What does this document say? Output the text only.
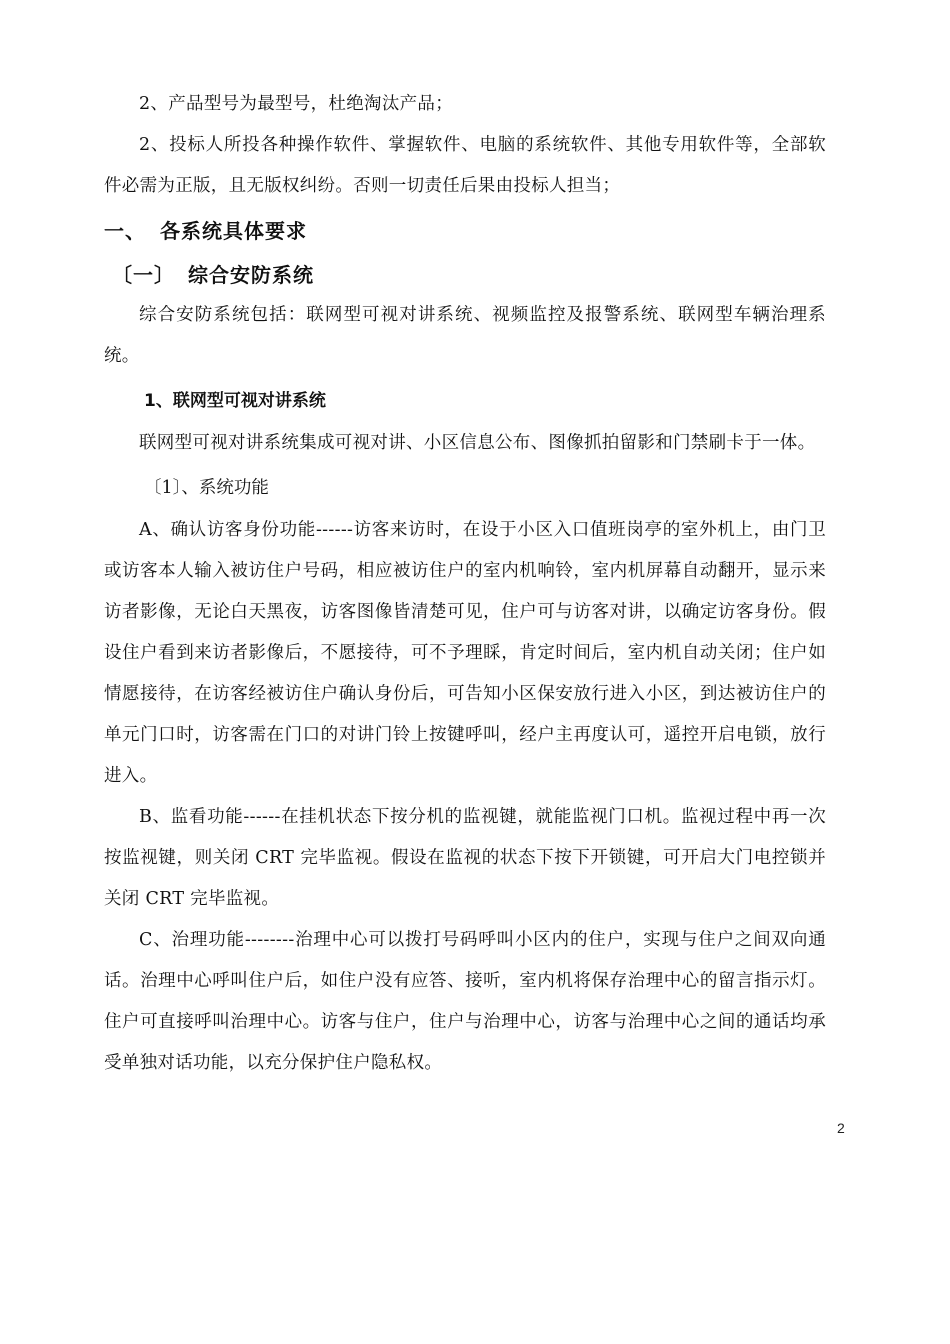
2、产品型号为最型号，杜绝淘汰产品；

2、投标人所投各种操作软件、掌握软件、电脑的系统软件、其他专用软件等，全部软件必需为正版，且无版权纠纷。否则一切责任后果由投标人担当；

一、 各系统具体要求
〔一〕 综合安防系统

综合安防系统包括：联网型可视对讲系统、视频监控及报警系统、联网型车辆治理系统。

1、联网型可视对讲系统

联网型可视对讲系统集成可视对讲、小区信息公布、图像抓拍留影和门禁刷卡于一体。

〔1〕、系统功能

A、确认访客身份功能------访客来访时，在设于小区入口值班岗亭的室外机上，由门卫或访客本人输入被访住户号码，相应被访住户的室内机响铃，室内机屏幕自动翻开，显示来访者影像，无论白天黑夜，访客图像皆清楚可见，住户可与访客对讲，以确定访客身份。假设住户看到来访者影像后，不愿接待，可不予理睬，肯定时间后，室内机自动关闭；住户如情愿接待，在访客经被访住户确认身份后，可告知小区保安放行进入小区，到达被访住户的单元门口时，访客需在门口的对讲门铃上按键呼叫，经户主再度认可，遥控开启电锁，放行进入。

B、监看功能------在挂机状态下按分机的监视键，就能监视门口机。监视过程中再一次按监视键，则关闭 CRT 完毕监视。假设在监视的状态下按下开锁键，可开启大门电控锁并关闭 CRT 完毕监视。

C、治理功能--------治理中心可以拨打号码呼叫小区内的住户，实现与住户之间双向通话。治理中心呼叫住户后，如住户没有应答、接听，室内机将保存治理中心的留言指示灯。住户可直接呼叫治理中心。访客与住户，住户与治理中心，访客与治理中心之间的通话均承受单独对话功能，以充分保护住户隐私权。

2
